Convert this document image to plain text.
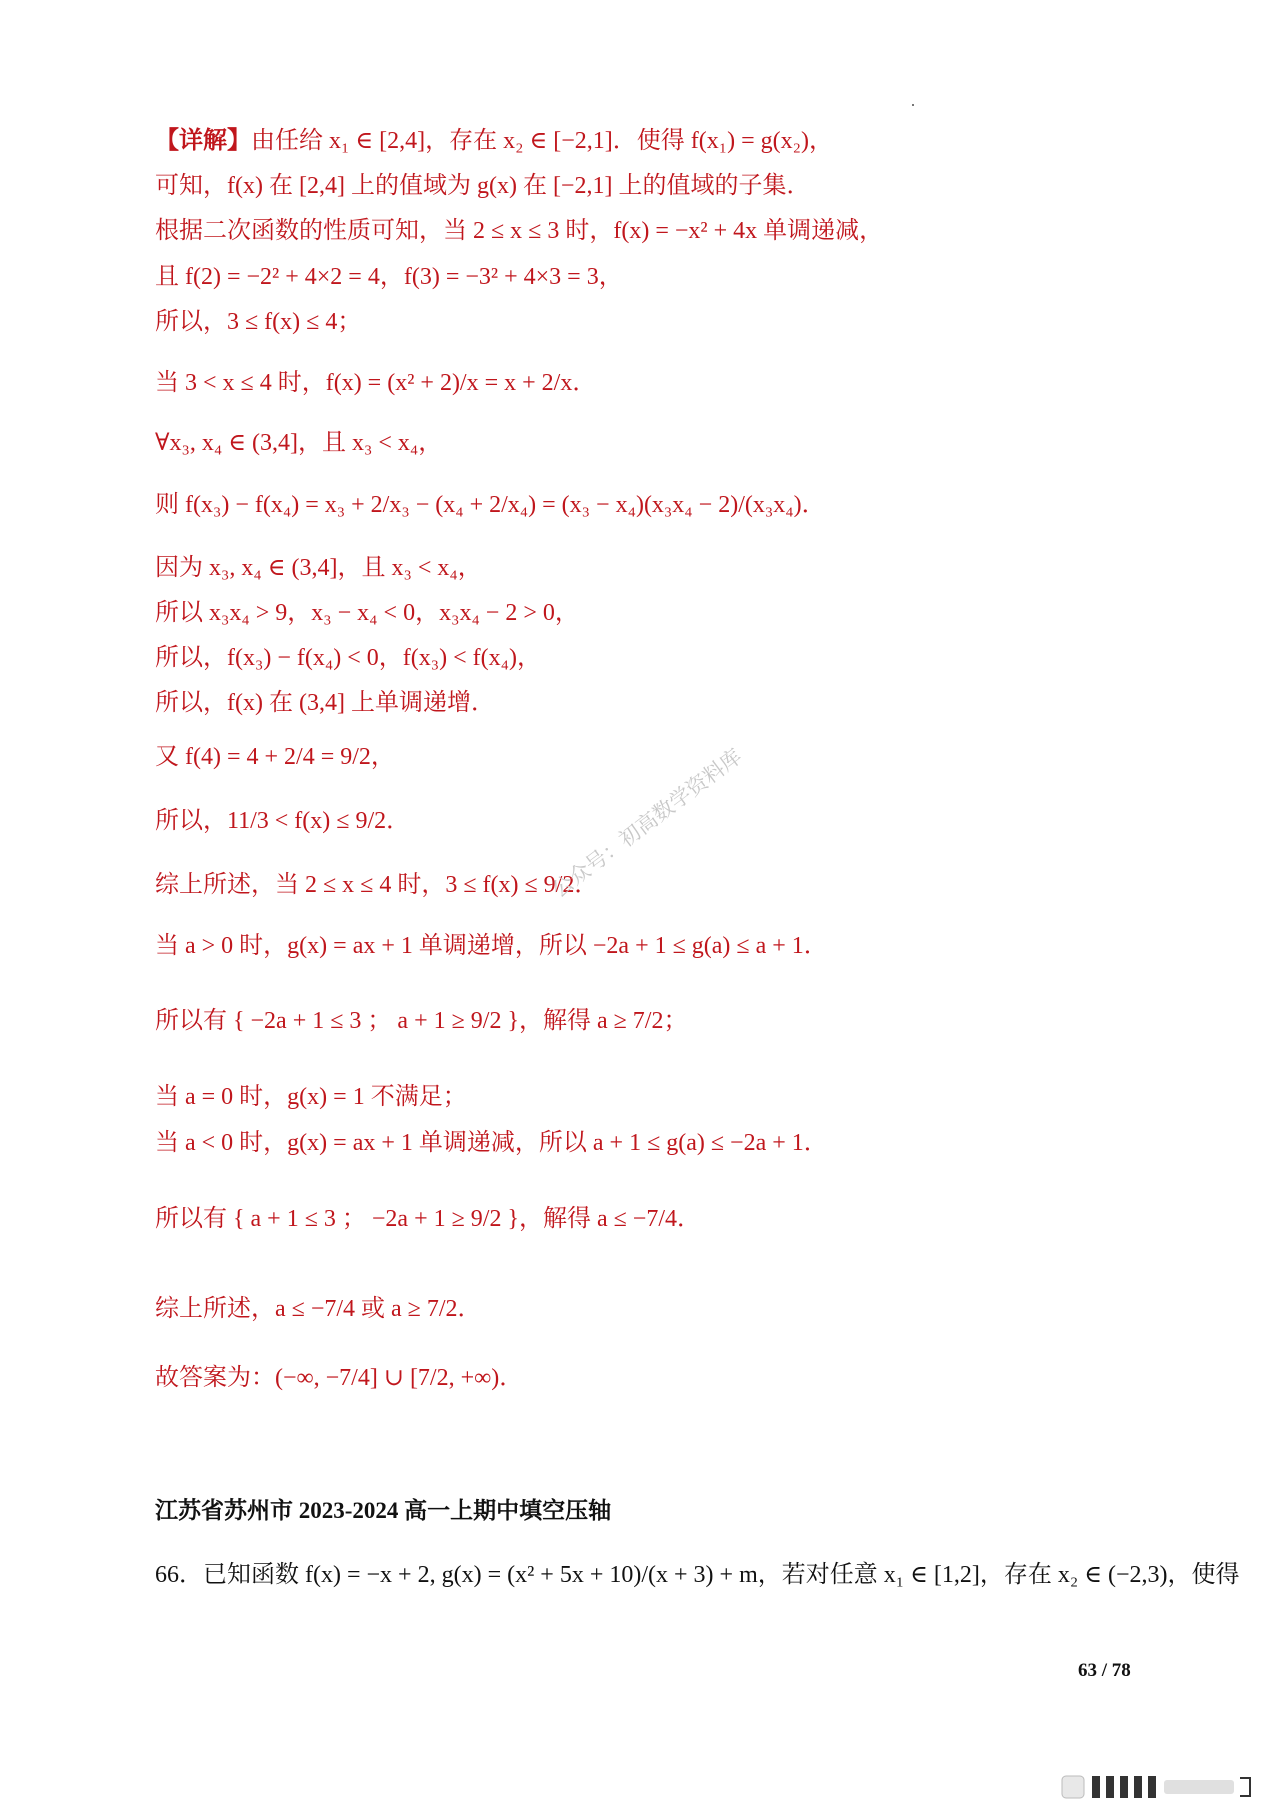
【详解】由任给 x₁ ∈ [2,4]，存在 x₂ ∈ [−2,1]．使得 f(x₁) = g(x₂)，
可知，f(x) 在 [2,4] 上的值域为 g(x) 在 [−2,1] 上的值域的子集．
根据二次函数的性质可知，当 2 ≤ x ≤ 3 时，f(x) = −x² + 4x 单调递减，
且 f(2) = −2² + 4×2 = 4，f(3) = −3² + 4×3 = 3，
所以，3 ≤ f(x) ≤ 4；
当 3 < x ≤ 4 时，f(x) = (x² + 2)/x = x + 2/x．
∀x₃, x₄ ∈ (3,4]，且 x₃ < x₄，
则 f(x₃) − f(x₄) = x₃ + 2/x₃ − (x₄ + 2/x₄) = (x₃ − x₄)(x₃x₄ − 2)/(x₃x₄)．
因为 x₃, x₄ ∈ (3,4]，且 x₃ < x₄，
所以 x₃x₄ > 9，x₃ − x₄ < 0，x₃x₄ − 2 > 0，
所以，f(x₃) − f(x₄) < 0，f(x₃) < f(x₄)，
所以，f(x) 在 (3,4] 上单调递增．
又 f(4) = 4 + 2/4 = 9/2，
所以，11/3 < f(x) ≤ 9/2．
综上所述，当 2 ≤ x ≤ 4 时，3 ≤ f(x) ≤ 9/2．
当 a > 0 时，g(x) = ax + 1 单调递增，所以 −2a + 1 ≤ g(a) ≤ a + 1．
所以有 { −2a + 1 ≤ 3 ； a + 1 ≥ 9/2 }，解得 a ≥ 7/2；
当 a = 0 时，g(x) = 1 不满足；
当 a < 0 时，g(x) = ax + 1 单调递减，所以 a + 1 ≤ g(a) ≤ −2a + 1．
所以有 { a + 1 ≤ 3 ； −2a + 1 ≥ 9/2 }，解得 a ≤ −7/4．
综上所述，a ≤ −7/4 或 a ≥ 7/2．
故答案为：(−∞, −7/4] ∪ [7/2, +∞)．
江苏省苏州市 2023-2024 高一上期中填空压轴
66．已知函数 f(x) = −x + 2, g(x) = (x² + 5x + 10)/(x + 3) + m，若对任意 x₁ ∈ [1,2]，存在 x₂ ∈ (−2,3)，使得
63 / 78
公众号：初高数学资料库
